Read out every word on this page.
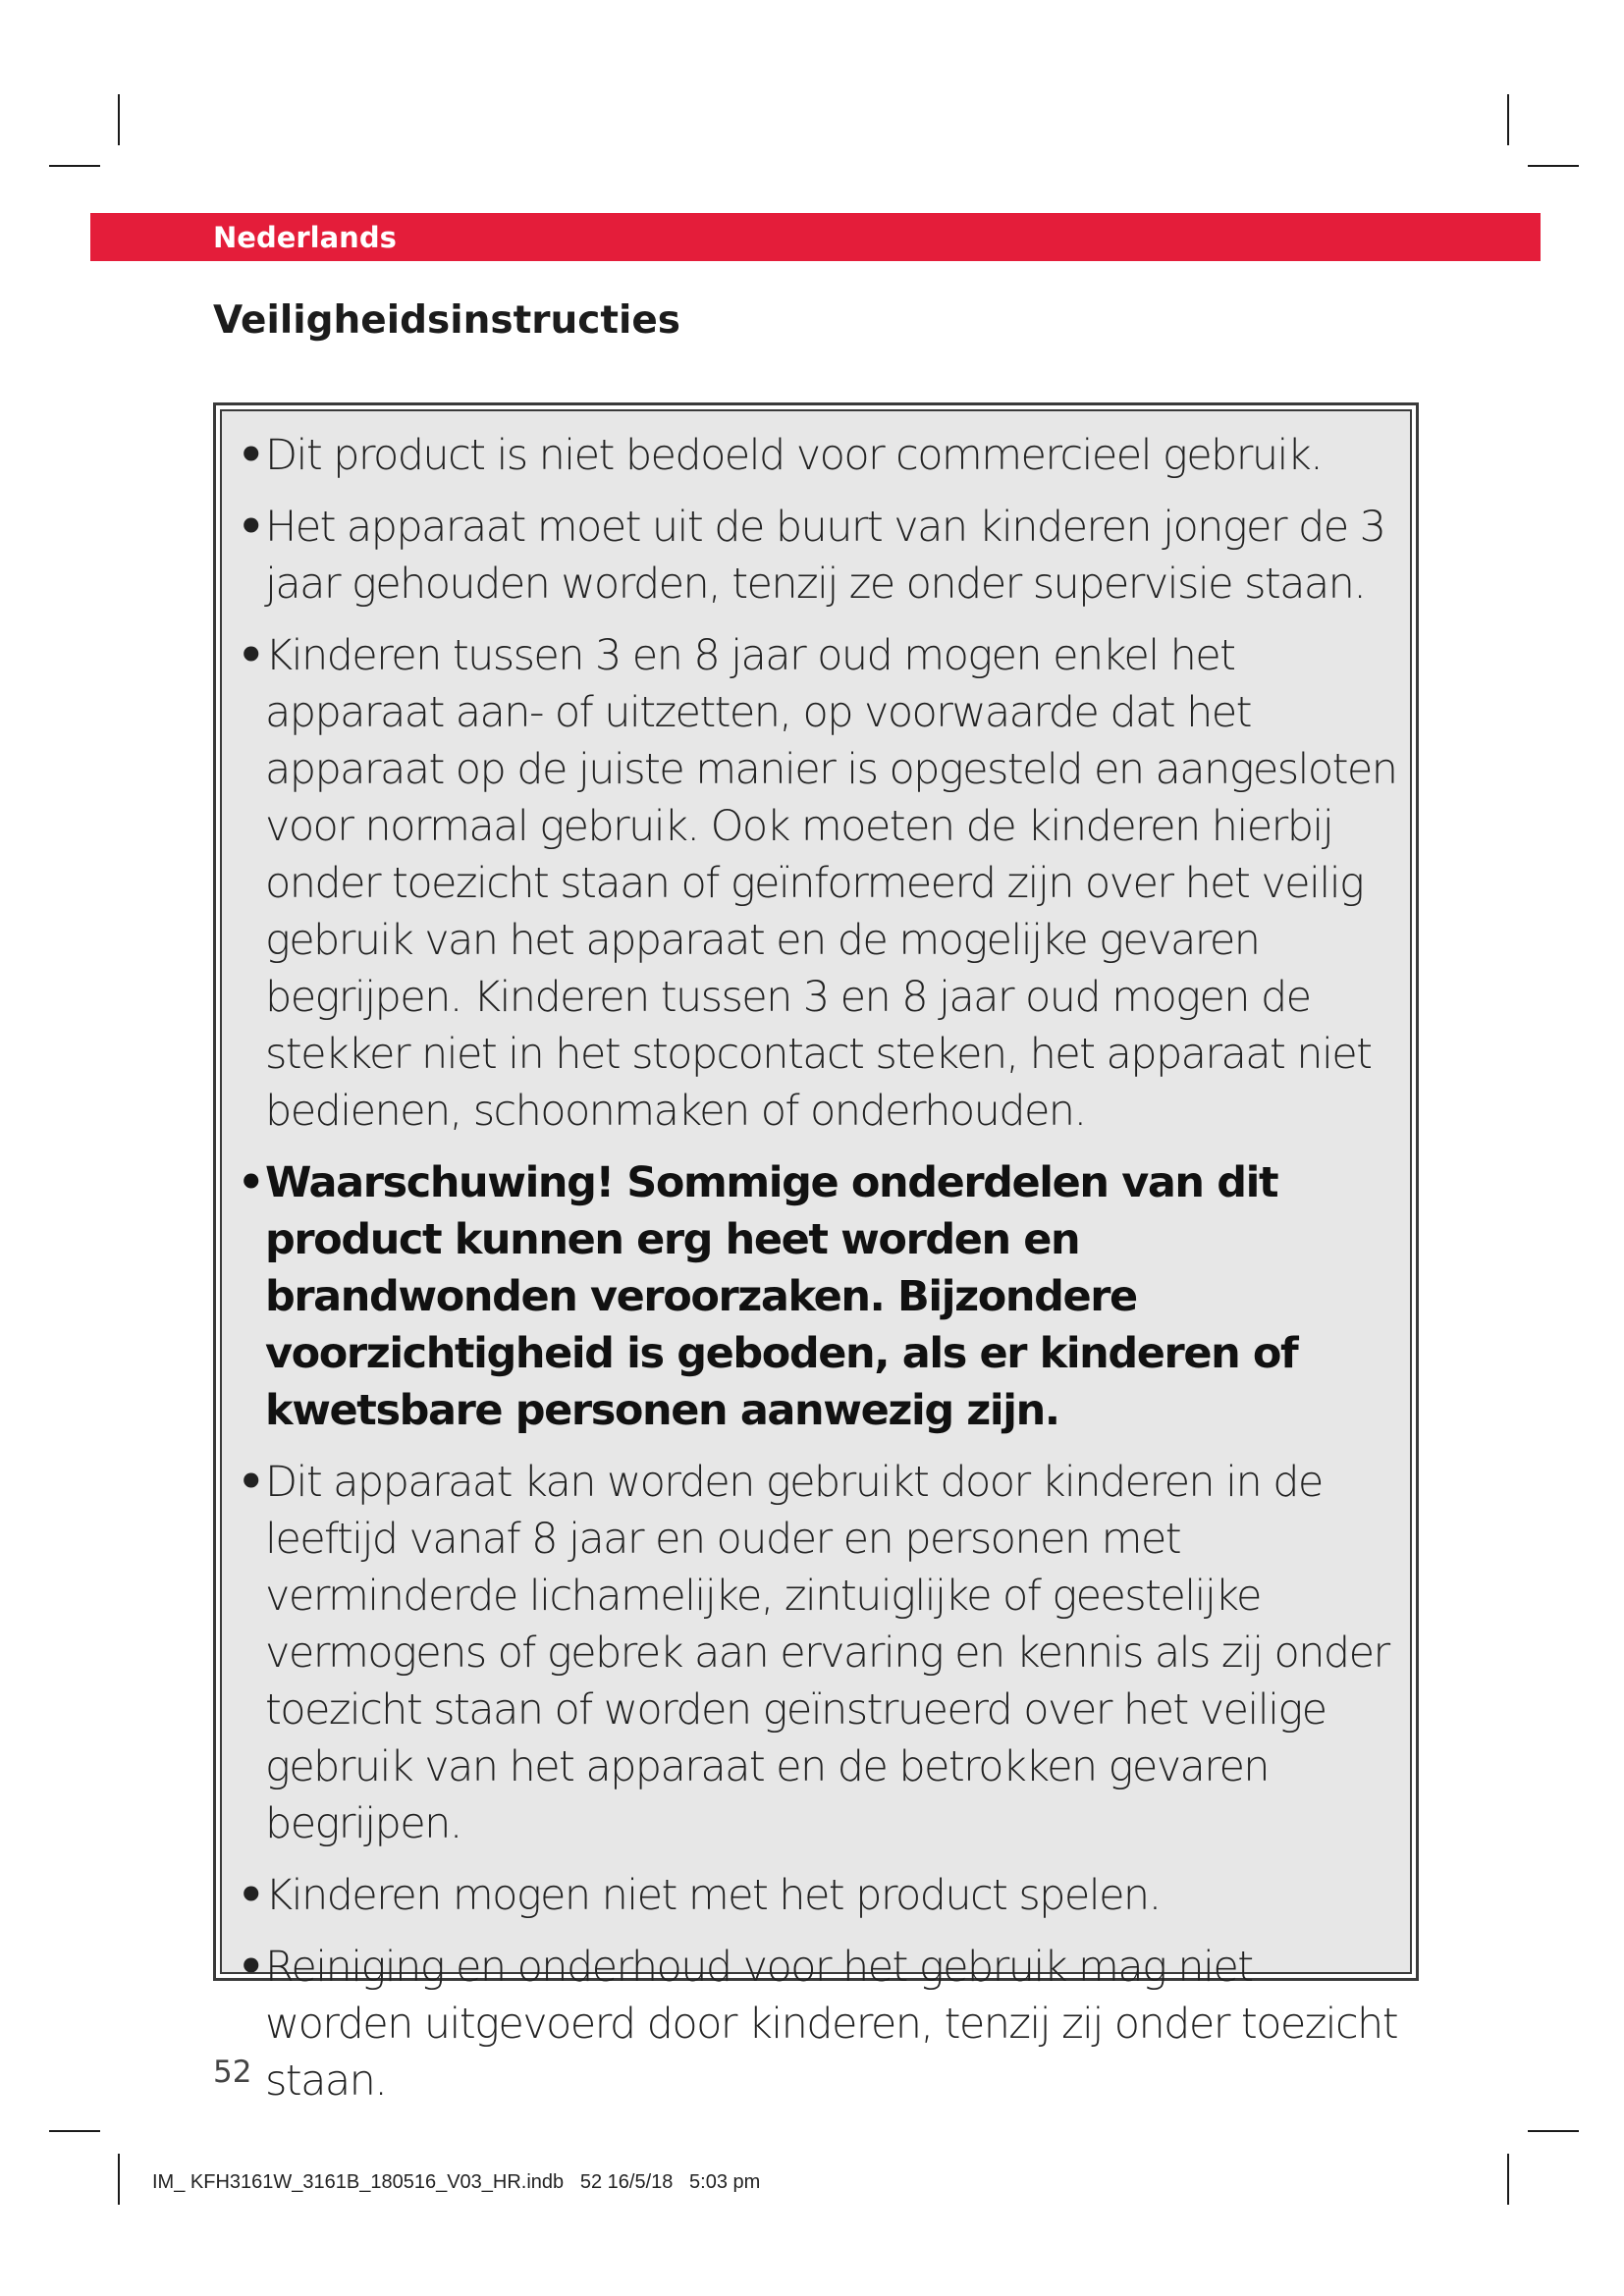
Nederlands
Veiligheidsinstructies
• Dit product is niet bedoeld voor commercieel gebruik.
• Het apparaat moet uit de buurt van kinderen jonger de 3 jaar gehouden worden, tenzij ze onder supervisie staan.
• Kinderen tussen 3 en 8 jaar oud mogen enkel het apparaat aan- of uitzetten, op voorwaarde dat het apparaat op de juiste manier is opgesteld en aangesloten voor normaal gebruik. Ook moeten de kinderen hierbij onder toezicht staan of geïnformeerd zijn over het veilig gebruik van het apparaat en de mogelijke gevaren begrijpen. Kinderen tussen 3 en 8 jaar oud mogen de stekker niet in het stopcontact steken, het apparaat niet bedienen, schoonmaken of onderhouden.
• Waarschuwing! Sommige onderdelen van dit product kunnen erg heet worden en brandwonden veroorzaken. Bijzondere voorzichtigheid is geboden, als er kinderen of kwetsbare personen aanwezig zijn.
• Dit apparaat kan worden gebruikt door kinderen in de leeftijd vanaf 8 jaar en ouder en personen met verminderde lichamelijke, zintuiglijke of geestelijke vermogens of gebrek aan ervaring en kennis als zij onder toezicht staan of worden geïnstrueerd over het veilige gebruik van het apparaat en de betrokken gevaren begrijpen.
• Kinderen mogen niet met het product spelen.
• Reiniging en onderhoud voor het gebruik mag niet worden uitgevoerd door kinderen, tenzij zij onder toezicht staan.
52
IM_ KFH3161W_3161B_180516_V03_HR.indb   52 16/5/18   5:03 pm
